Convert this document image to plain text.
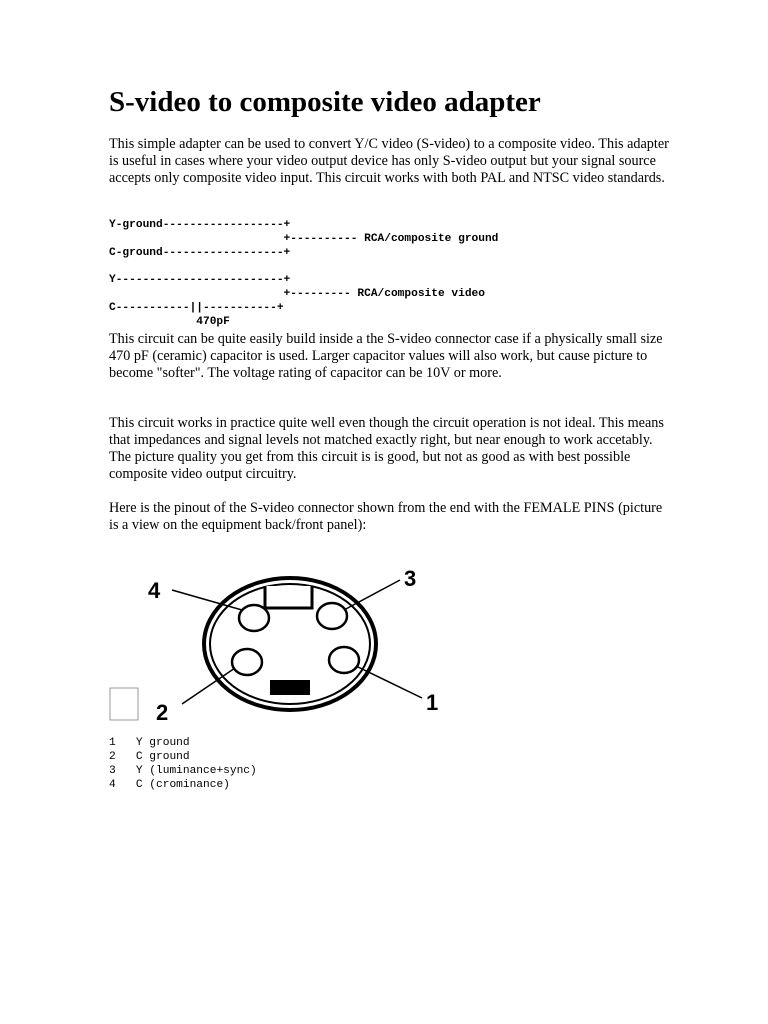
S-video to composite video adapter

This simple adapter can be used to convert Y/C video (S-video) to a composite video. This adapter is useful in cases where your video output device has only S-video output but your signal source accepts only composite video input. This circuit works with both PAL and NTSC video standards.

Y-ground------------------+
+---------- RCA/composite ground
C-ground------------------+
Y-------------------------+
+--------- RCA/composite video
C-----------||-----------+
470pF

This circuit can be quite easily build inside a the S-video connector case if a physically small size 470 pF (ceramic) capacitor is used. Larger capacitor values will also work, but cause picture to become "softer". The voltage rating of capacitor can be 10V or more.

This circuit works in practice quite well even though the circuit operation is not ideal. This means that impedances and signal levels not matched exactly right, but near enough to work accetably. The picture quality you get from this circuit is is good, but not as good as with best possible composite video output circuitry.

Here is the pinout of the S-video connector shown from the end with the FEMALE PINS (picture is a view on the equipment back/front panel):

4	3
2	1
1 Y ground
2 C ground
3 Y (luminance+sync)
4 C (crominance)
